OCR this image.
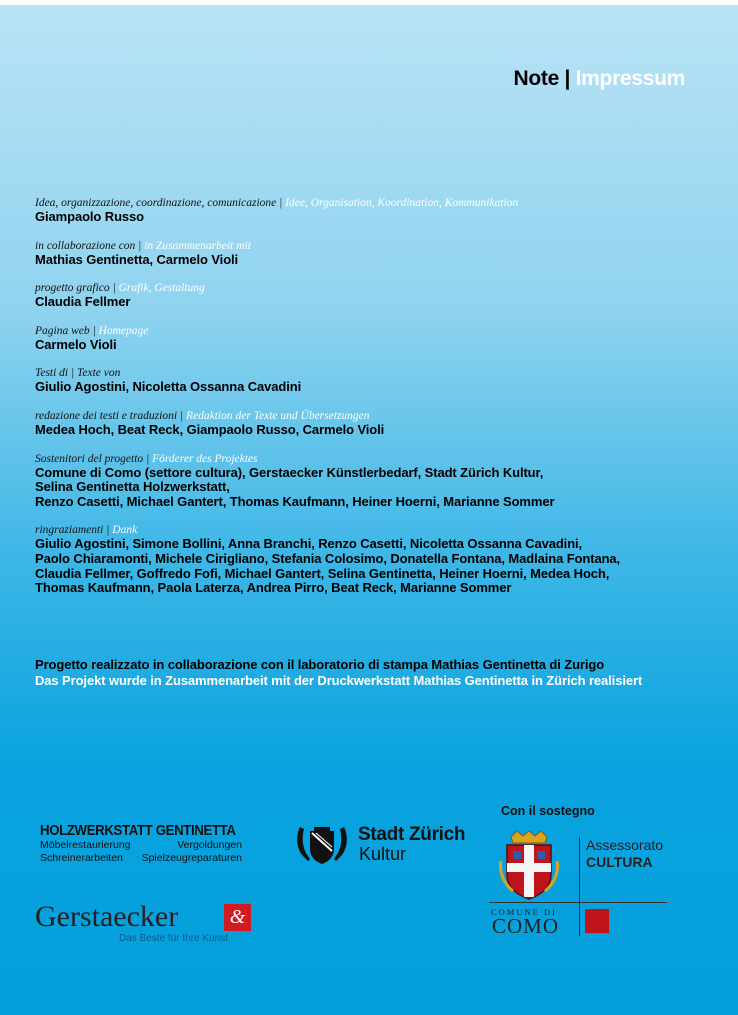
Note | Impressum
Idea, organizzazione, coordinazione, comunicazione | Idee, Organisation, Koordination, Kommunikation
Giampaolo Russo
in collaborazione con | in Zusammenarbeit mit
Mathias Gentinetta, Carmelo Violi
progetto grafico | Grafik, Gestaltung
Claudia Fellmer
Pagina web | Homepage
Carmelo Violi
Testi di | Texte von
Giulio Agostini, Nicoletta Ossanna Cavadini
redazione dei testi e traduzioni | Redaktion der Texte und Übersetzungen
Medea Hoch, Beat Reck, Giampaolo Russo, Carmelo Violi
Sostenitori del progetto | Förderer des Projektes
Comune di Como (settore cultura), Gerstaecker Künstlerbedarf, Stadt Zürich Kultur,
Selina Gentinetta Holzwerkstatt,
Renzo Casetti, Michael Gantert, Thomas Kaufmann, Heiner Hoerni, Marianne Sommer
ringraziamenti | Dank
Giulio Agostini, Simone Bollini, Anna Branchi, Renzo Casetti, Nicoletta Ossanna Cavadini,
Paolo Chiaramonti, Michele Cirigliano, Stefania Colosimo, Donatella Fontana, Madlaina Fontana,
Claudia Fellmer, Goffredo Fofi, Michael Gantert, Selina Gentinetta, Heiner Hoerni, Medea Hoch,
Thomas Kaufmann, Paola Laterza, Andrea Pirro, Beat Reck, Marianne Sommer
Progetto realizzato in collaborazione con il laboratorio di stampa Mathias Gentinetta di Zurigo
Das Projekt wurde in Zusammenarbeit mit der Druckwerkstatt Mathias Gentinetta in Zürich realisiert
HOLZWERKSTATT GENTINETTA
Möbelrestaurierung	Vergoldungen
Schreinerarbeiten Spielzeugreparaturen
Gerstaecker	&
Das Beste für Ihre Kunst
Stadt Zürich
Kultur
Con il sostegno
Assessorato
CULTURA
COMUNE DI
COMO
